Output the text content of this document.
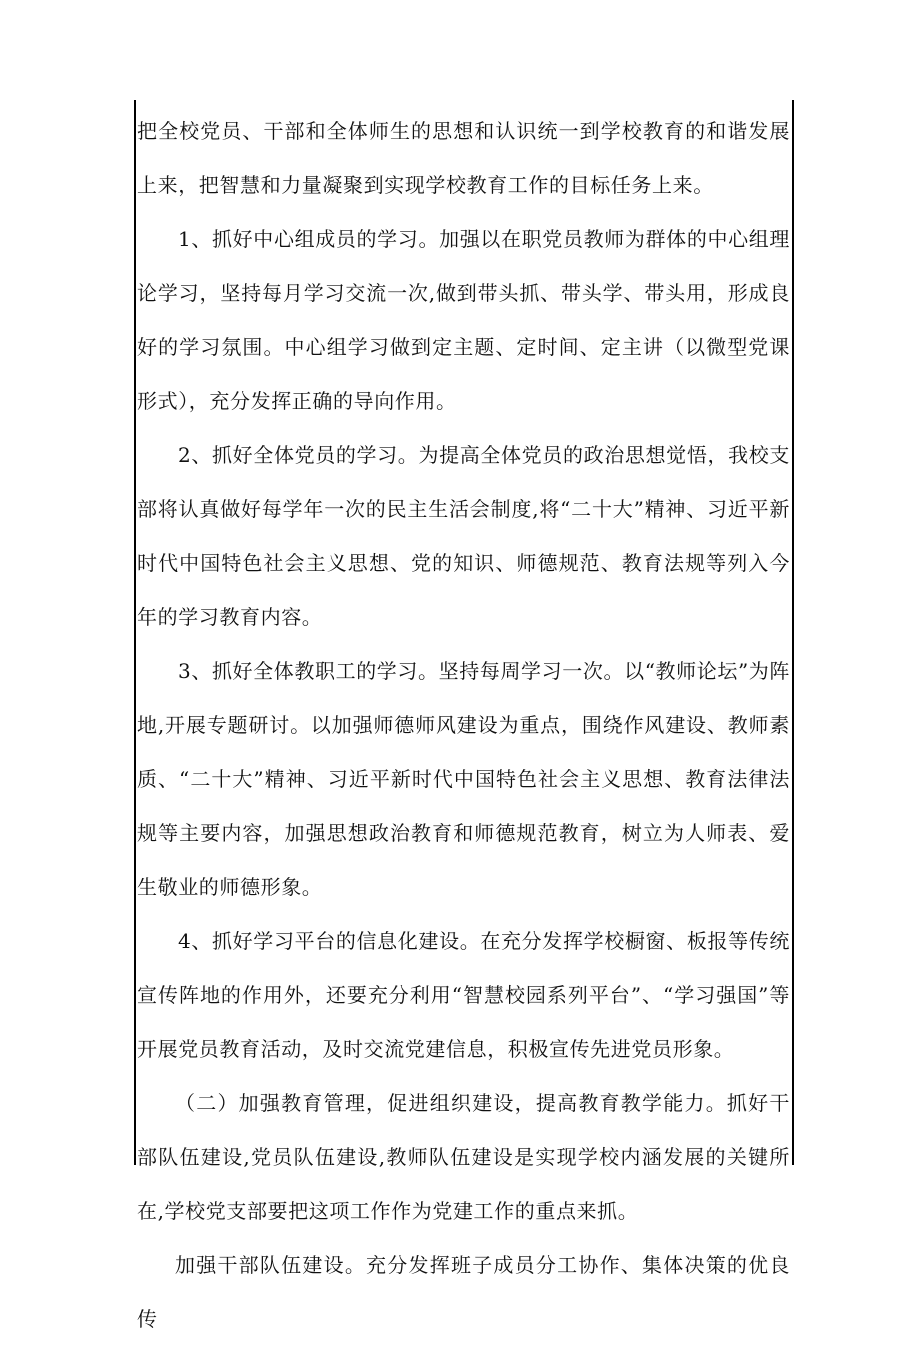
把全校党员、干部和全体师生的思想和认识统一到学校教育的和谐发展上来，把智慧和力量凝聚到实现学校教育工作的目标任务上来。

1、抓好中心组成员的学习。加强以在职党员教师为群体的中心组理论学习，坚持每月学习交流一次,做到带头抓、带头学、带头用，形成良好的学习氛围。中心组学习做到定主题、定时间、定主讲（以微型党课形式），充分发挥正确的导向作用。

2、抓好全体党员的学习。为提高全体党员的政治思想觉悟，我校支部将认真做好每学年一次的民主生活会制度,将“二十大”精神、习近平新时代中国特色社会主义思想、党的知识、师德规范、教育法规等列入今年的学习教育内容。

3、抓好全体教职工的学习。坚持每周学习一次。以“教师论坛”为阵地,开展专题研讨。以加强师德师风建设为重点，围绕作风建设、教师素质、“二十大”精神、习近平新时代中国特色社会主义思想、教育法律法规等主要内容，加强思想政治教育和师德规范教育，树立为人师表、爱生敬业的师德形象。

4、抓好学习平台的信息化建设。在充分发挥学校橱窗、板报等传统宣传阵地的作用外，还要充分利用“智慧校园系列平台”、“学习强国”等开展党员教育活动，及时交流党建信息，积极宣传先进党员形象。

（二）加强教育管理，促进组织建设，提高教育教学能力。抓好干部队伍建设,党员队伍建设,教师队伍建设是实现学校内涵发展的关键所在,学校党支部要把这项工作作为党建工作的重点来抓。

加强干部队伍建设。充分发挥班子成员分工协作、集体决策的优良传
